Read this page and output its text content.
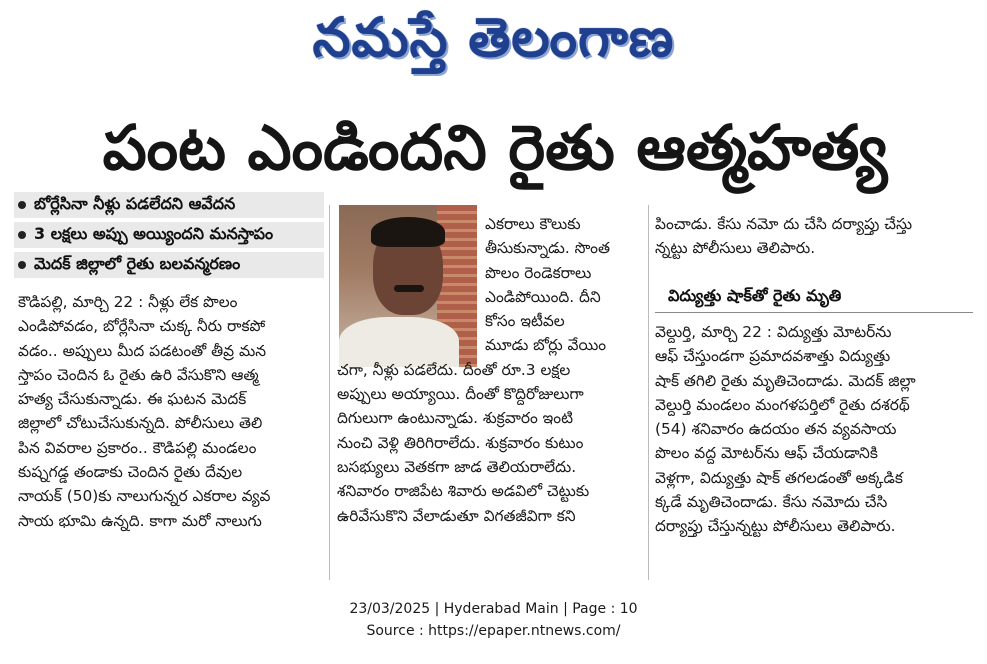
నమస్తే తెలంగాణ
పంట ఎండిందని రైతు ఆత్మహత్య
బోర్లేసినా నీళ్లు పడలేదని ఆవేదన
3 లక్షలు అప్పు అయ్యిందని మనస్తాపం
మెదక్ జిల్లాలో రైతు బలవన్మరణం
కౌడిపల్లి, మార్చి 22 : నీళ్లు లేక పొలం
ఎండిపోవడం, బోర్లేసినా చుక్క నీరు రాకపో
వడం.. అప్పులు మీద పడటంతో తీవ్ర మన
స్తాపం చెందిన ఓ రైతు ఉరి వేసుకొని ఆత్మ
హత్య చేసుకున్నాడు. ఈ ఘటన మెదక్
జిల్లాలో చోటుచేసుకున్నది. పోలీసులు తెలి
పిన వివరాల ప్రకారం.. కౌడిపల్లి మండలం
కుష్నగడ్డ తండాకు చెందిన రైతు దేవుల
నాయక్ (50)కు నాలుగున్నర ఎకరాల వ్యవ
సాయ భూమి ఉన్నది. కాగా మరో నాలుగు
ఎకరాలు కౌలుకు
తీసుకున్నాడు. సొంత
పొలం రెండెకరాలు
ఎండిపోయింది. దీని
కోసం ఇటీవల
మూడు బోర్లు వేయిం
చగా, నీళ్లు పడలేదు. దీంతో రూ.3 లక్షల
అప్పులు అయ్యాయి. దీంతో కొద్దిరోజులుగా
దిగులుగా ఉంటున్నాడు. శుక్రవారం ఇంటి
నుంచి వెళ్లి తిరిగిరాలేదు. శుక్రవారం కుటుం
బసభ్యులు వెతకగా జాడ తెలియరాలేదు.
శనివారం రాజిపేట శివారు అడవిలో చెట్టుకు
ఉరివేసుకొని వేలాడుతూ విగతజీవిగా కని
పించాడు. కేసు నమో దు చేసి దర్యాప్తు చేస్తు
న్నట్టు పోలీసులు తెలిపారు.
విద్యుత్తు షాక్‌తో రైతు మృతి
వెల్దుర్తి, మార్చి 22 : విద్యుత్తు మోటర్‌ను
ఆఫ్ చేస్తుండగా ప్రమాదవశాత్తు విద్యుత్తు
షాక్ తగిలి రైతు మృతిచెందాడు. మెదక్ జిల్లా
వెల్దుర్తి మండలం మంగళపర్తిలో రైతు దశరథ్
(54) శనివారం ఉదయం తన వ్యవసాయ
పొలం వద్ద మోటర్‌ను ఆఫ్ చేయడానికి
వెళ్లగా, విద్యుత్తు షాక్ తగలడంతో అక్కడిక
క్కడే మృతిచెందాడు. కేసు నమోదు చేసి
దర్యాప్తు చేస్తున్నట్టు పోలీసులు తెలిపారు.
23/03/2025 | Hyderabad Main | Page : 10
Source : https://epaper.ntnews.com/
